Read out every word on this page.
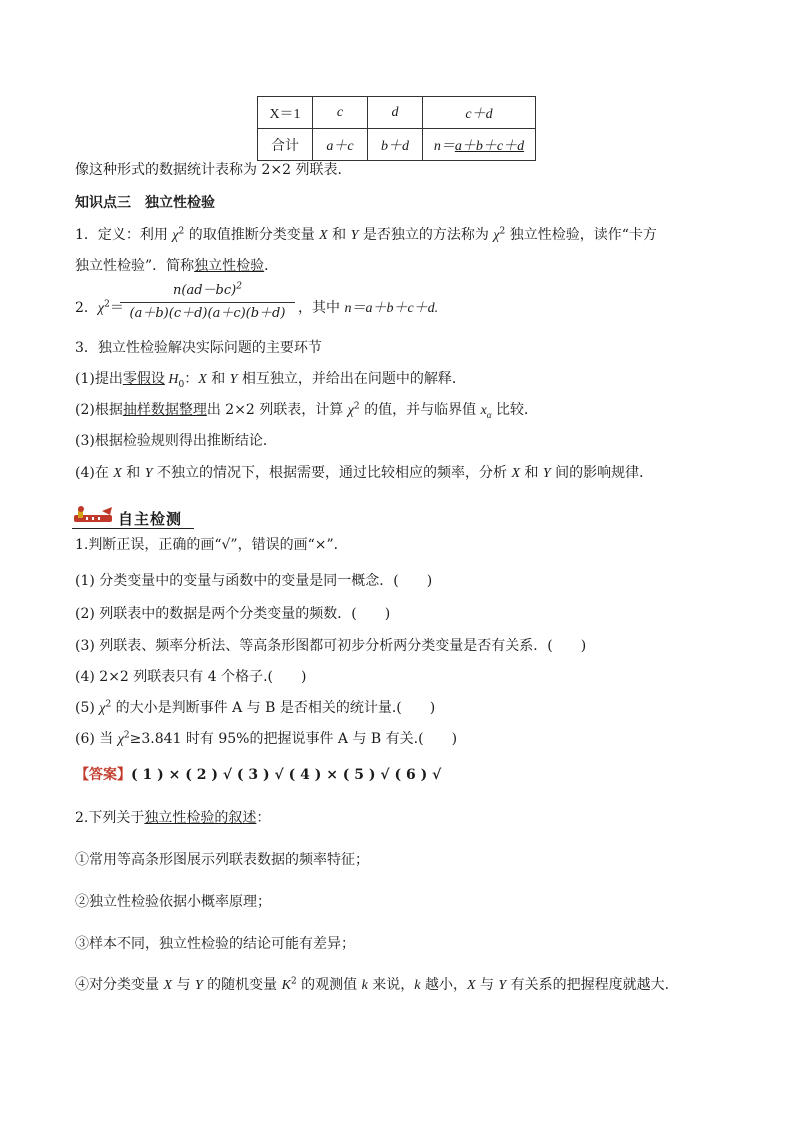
X＝1	c	d	c＋d
合计	a＋c	b＋d	n＝a＋b＋c＋d
像这种形式的数据统计表称为 2×2 列联表．
知识点三　独立性检验
1．定义：利用 $\chi^2$ 的取值推断分类变量 X 和 Y 是否独立的方法称为 $\chi^2$ 独立性检验，读作“卡方
独立性检验”．简称独立性检验．
2．$\chi^2=$
$n(ad-bc)^2$
(a＋b)(c＋d)(a＋c)(b＋d) ，其中 n＝a＋b＋c＋d.
3．独立性检验解决实际问题的主要环节
(1)提出零假设 $H_0$：X 和 Y 相互独立，并给出在问题中的解释．
(2)根据抽样数据整理出 2×2 列联表，计算 $\chi^2$ 的值，并与临界值 $x_\alpha$ 比较．
(3)根据检验规则得出推断结论．
(4)在 X 和 Y 不独立的情况下，根据需要，通过比较相应的频率，分析 X 和 Y 间的影响规律．
自主检测
1.判断正误，正确的画“√”，错误的画“×”．
(1) 分类变量中的变量与函数中的变量是同一概念．(　　)
(2) 列联表中的数据是两个分类变量的频数．(　　)
(3) 列联表、频率分析法、等高条形图都可初步分析两分类变量是否有关系．(　　)
(4) 2×2 列联表只有 4 个格子.(　　)
(5) $\chi^2$ 的大小是判断事件 A 与 B 是否相关的统计量.(　　)
(6) 当 $\chi^2\ge 3.841$ 时有 95%的把握说事件 A 与 B 有关.(　　)
【答案】( 1 ) × ( 2 ) √ ( 3 ) √ ( 4 ) × ( 5 ) √ ( 6 ) √
2.下列关于独立性检验的叙述：
①常用等高条形图展示列联表数据的频率特征；
②独立性检验依据小概率原理；
③样本不同，独立性检验的结论可能有差异；
④对分类变量 X 与 Y 的随机变量 $K^2$ 的观测值 k 来说，k 越小，X 与 Y 有关系的把握程度就越大.
